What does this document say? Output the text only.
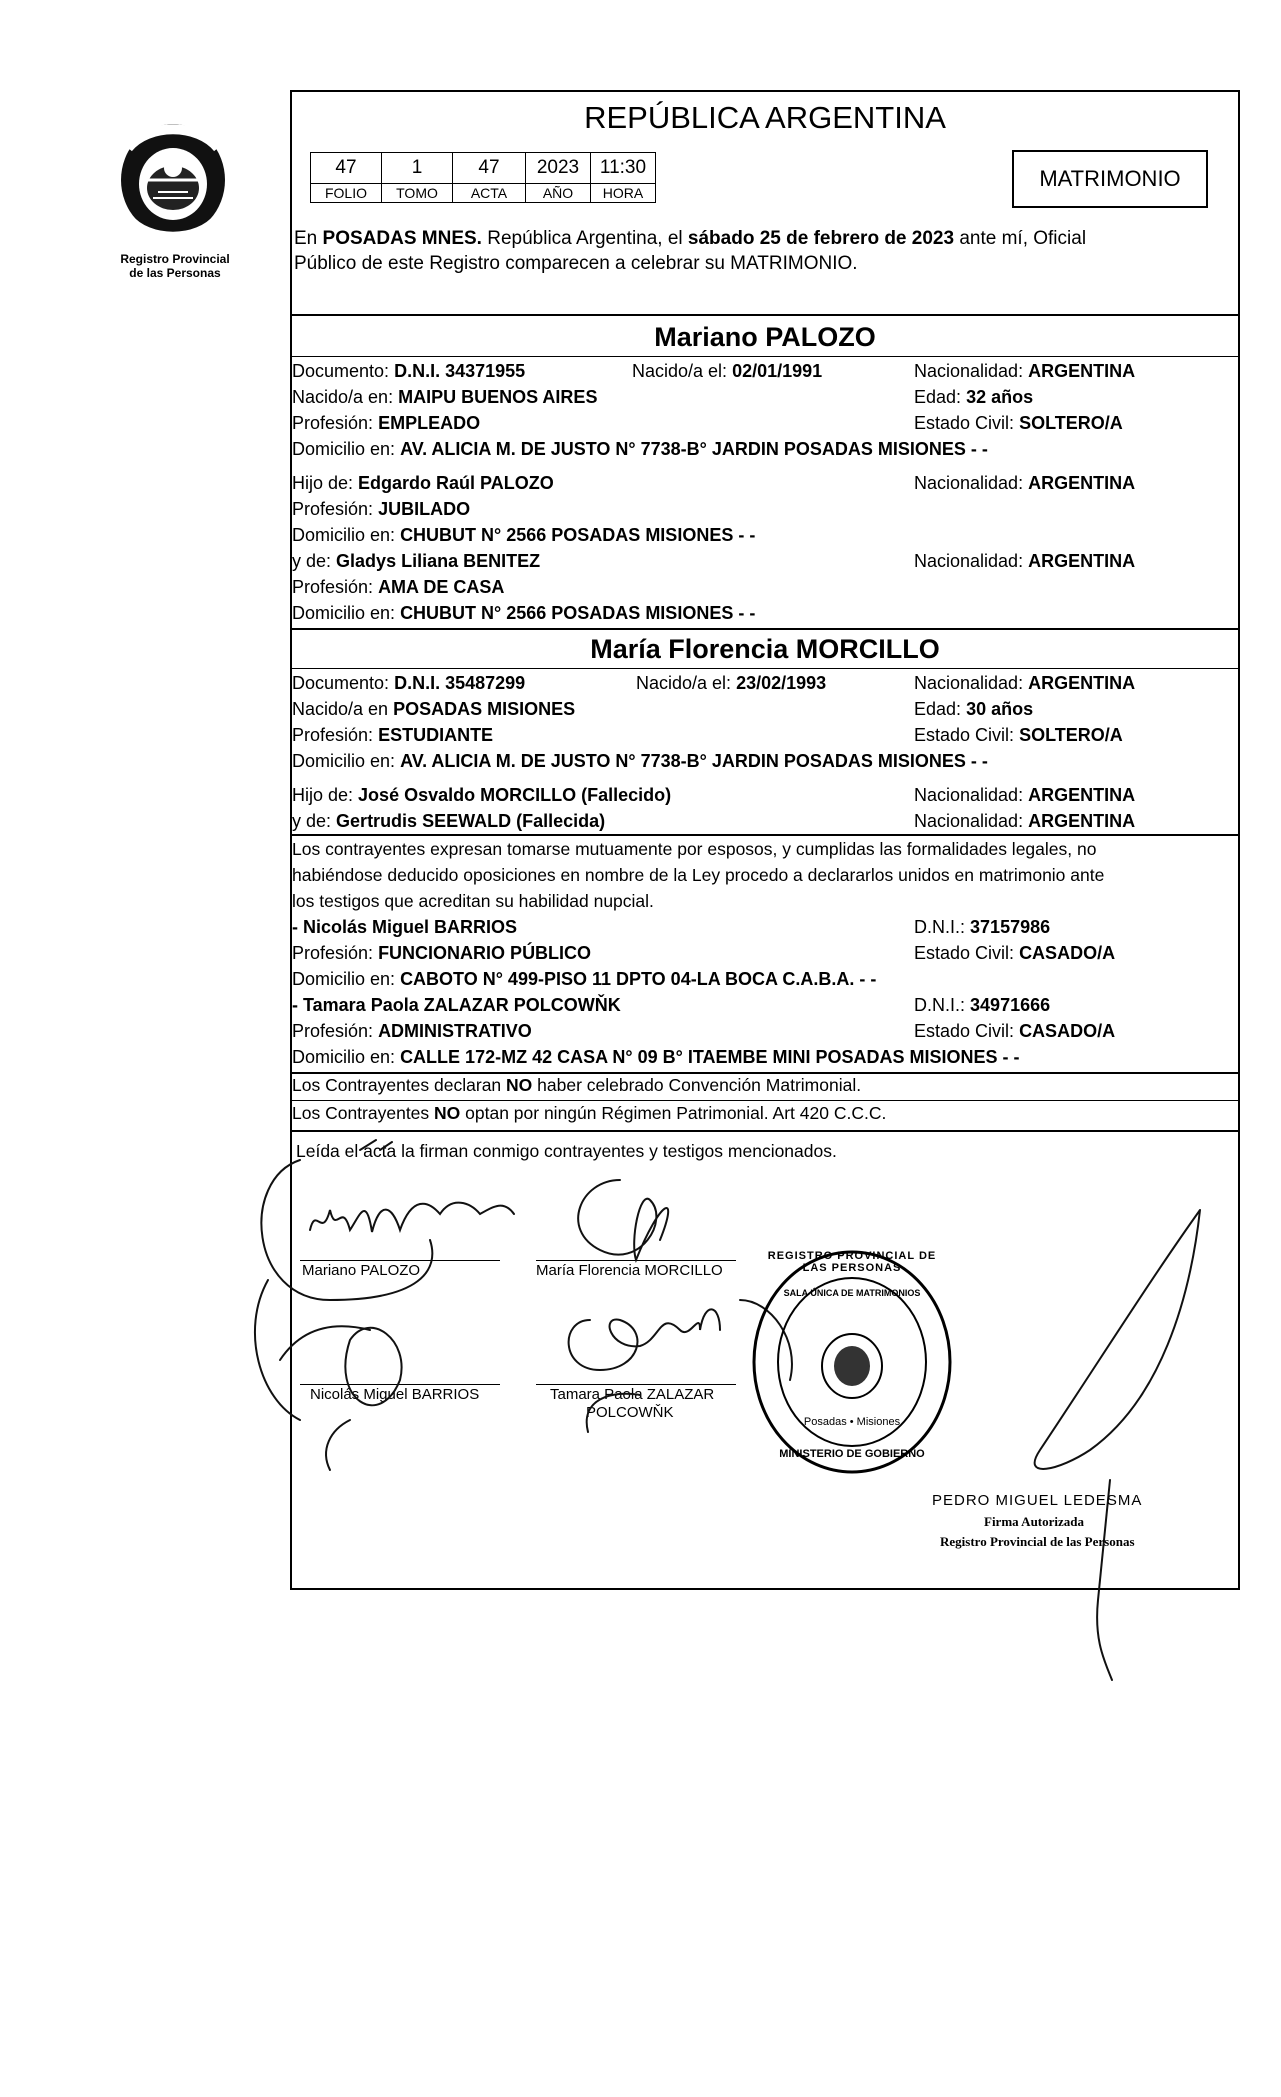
Registro Provincial
de las Personas
REPÚBLICA ARGENTINA
47	1	47	2023	11:30
FOLIO	TOMO	ACTA	AÑO	HORA
MATRIMONIO
En POSADAS MNES. República Argentina, el sábado 25 de febrero de 2023 ante mí, Oficial
Público de este Registro comparecen a celebrar su MATRIMONIO.
Mariano PALOZO
Documento: D.N.I. 34371955	Nacido/a el: 02/01/1991	Nacionalidad: ARGENTINA
Nacido/a en: MAIPU BUENOS AIRES	Edad: 32 años
Profesión: EMPLEADO	Estado Civil: SOLTERO/A
Domicilio en: AV. ALICIA M. DE JUSTO N° 7738-B° JARDIN POSADAS MISIONES - -
Hijo de: Edgardo Raúl PALOZO	Nacionalidad: ARGENTINA
Profesión: JUBILADO
Domicilio en: CHUBUT N° 2566 POSADAS MISIONES - -
y de: Gladys Liliana BENITEZ	Nacionalidad: ARGENTINA
Profesión: AMA DE CASA
Domicilio en: CHUBUT N° 2566 POSADAS MISIONES - -
María Florencia MORCILLO
Documento: D.N.I. 35487299	Nacido/a el: 23/02/1993	Nacionalidad: ARGENTINA
Nacido/a en POSADAS MISIONES	Edad: 30 años
Profesión: ESTUDIANTE	Estado Civil: SOLTERO/A
Domicilio en: AV. ALICIA M. DE JUSTO N° 7738-B° JARDIN POSADAS MISIONES - -
Hijo de: José Osvaldo MORCILLO (Fallecido)	Nacionalidad: ARGENTINA
y de: Gertrudis SEEWALD (Fallecida)	Nacionalidad: ARGENTINA
Los contrayentes expresan tomarse mutuamente por esposos, y cumplidas las formalidades legales, no
habiéndose deducido oposiciones en nombre de la Ley procedo a declararlos unidos en matrimonio ante
los testigos que acreditan su habilidad nupcial.
- Nicolás Miguel BARRIOS	D.N.I.: 37157986
Profesión: FUNCIONARIO PÚBLICO	Estado Civil: CASADO/A
Domicilio en: CABOTO N° 499-PISO 11 DPTO 04-LA BOCA C.A.B.A. - -
- Tamara Paola ZALAZAR POLCOWŇK	D.N.I.: 34971666
Profesión: ADMINISTRATIVO	Estado Civil: CASADO/A
Domicilio en: CALLE 172-MZ 42 CASA N° 09 B° ITAEMBE MINI POSADAS MISIONES - -
Los Contrayentes declaran NO haber celebrado Convención Matrimonial.
Los Contrayentes NO optan por ningún Régimen Patrimonial. Art 420 C.C.C.
Leída el acta la firman conmigo contrayentes y testigos mencionados.
Mariano PALOZO	María Florencia MORCILLO
Nicolás Miguel BARRIOS	Tamara Paola ZALAZAR
POLCOWŇK
REGISTRO PROVINCIAL DE LAS PERSONAS
SALA ÚNICA DE MATRIMONIOS
Posadas • Misiones
MINISTERIO DE GOBIERNO
PEDRO MIGUEL LEDESMA
Firma Autorizada
Registro Provincial de las Personas
